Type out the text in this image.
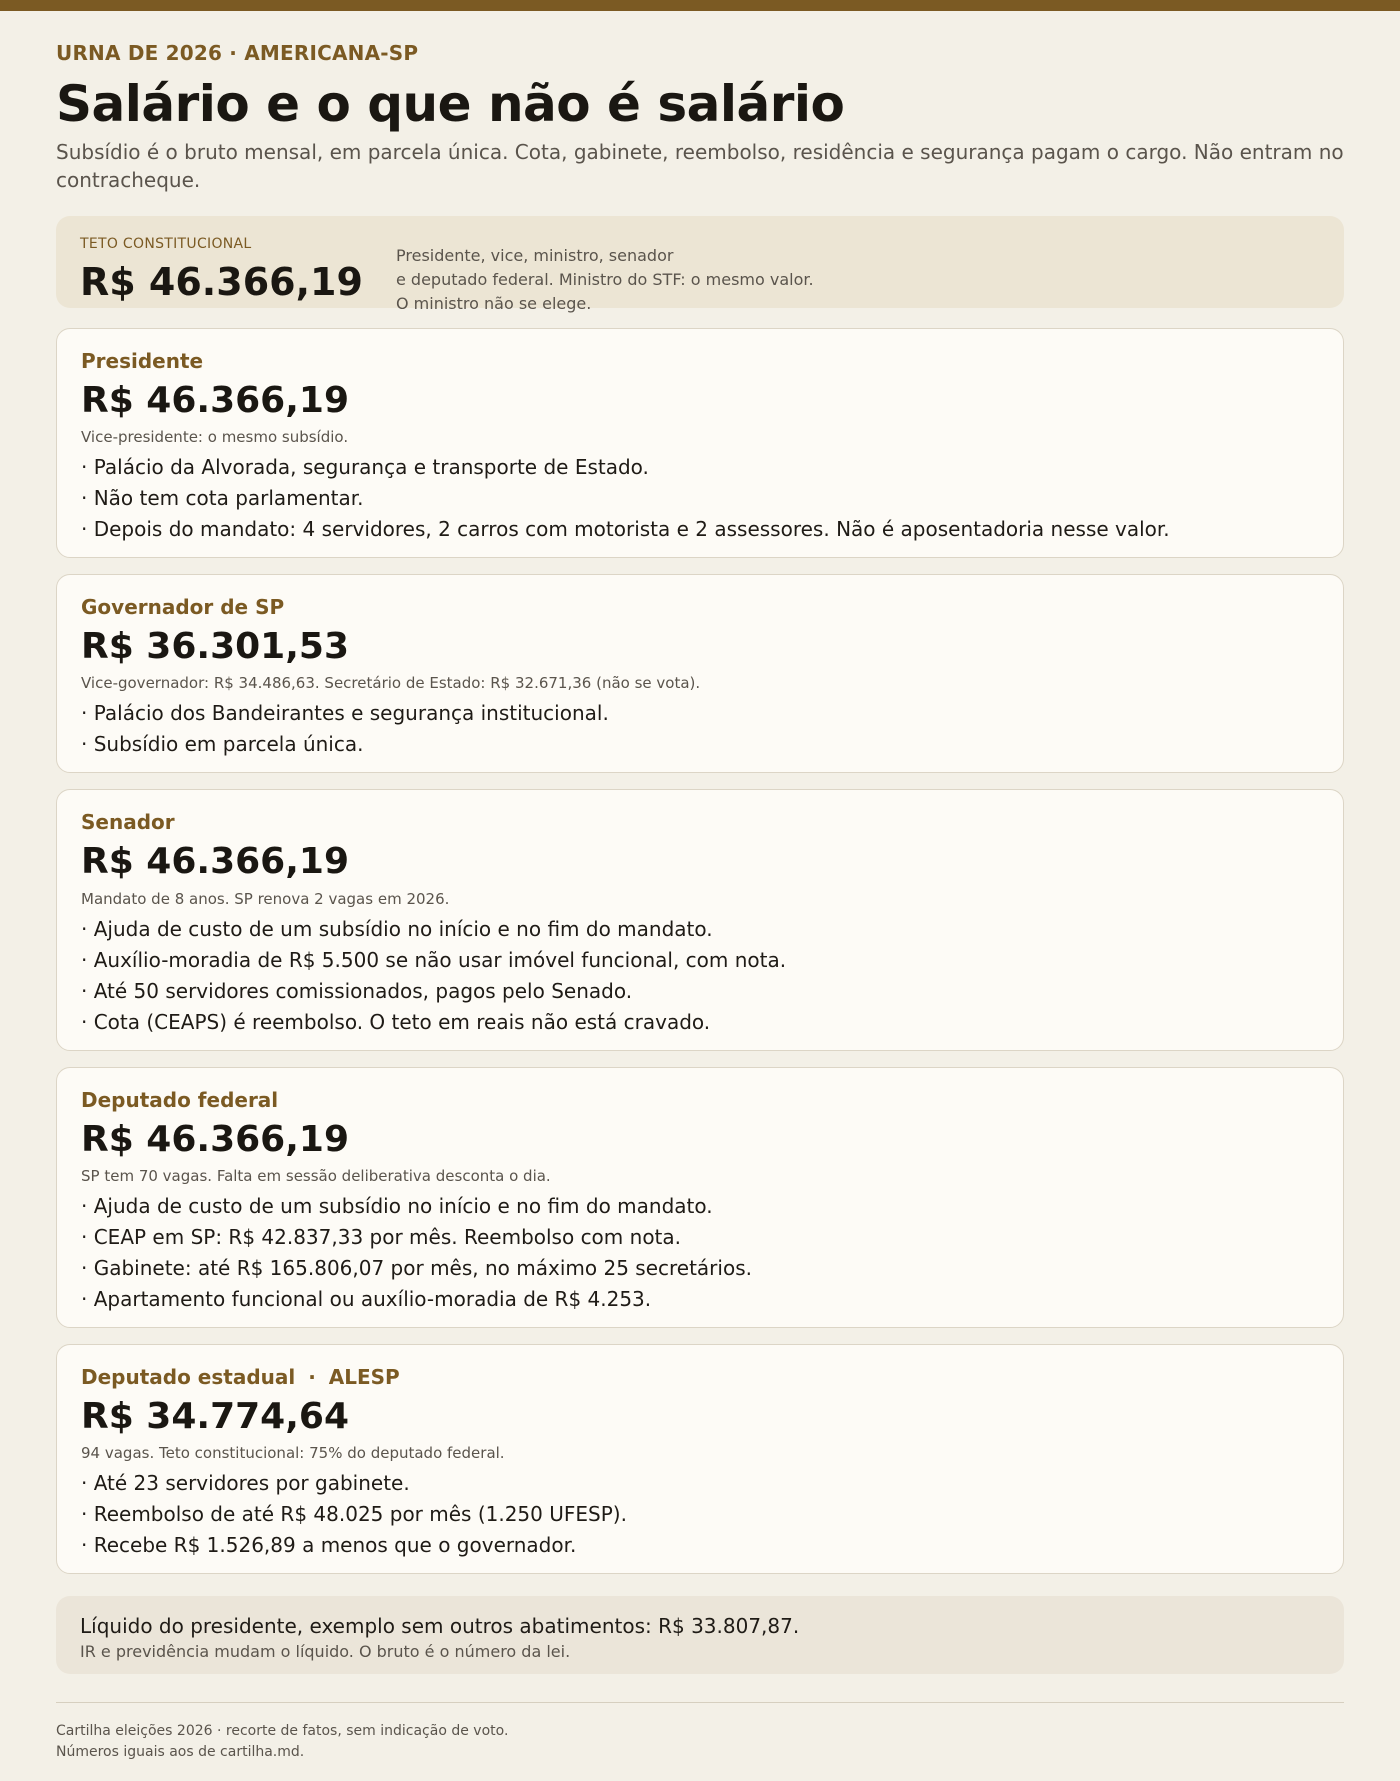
URNA DE 2026 · AMERICANA-SP
Salário e o que não é salário

Subsídio é o bruto mensal, em parcela única. Cota, gabinete, reembolso, residência e segurança pagam o cargo. Não entram no contracheque.

TETO CONSTITUCIONAL
R$ 46.366,19
Presidente, vice, ministro, senador
e deputado federal. Ministro do STF: o mesmo valor.
O ministro não se elege.
Presidente
R$ 46.366,19
Vice-presidente: o mesmo subsídio.
· Palácio da Alvorada, segurança e transporte de Estado.
· Não tem cota parlamentar.
· Depois do mandato: 4 servidores, 2 carros com motorista e 2 assessores. Não é aposentadoria nesse valor.
Governador de SP
R$ 36.301,53
Vice-governador: R$ 34.486,63. Secretário de Estado: R$ 32.671,36 (não se vota).
· Palácio dos Bandeirantes e segurança institucional.
· Subsídio em parcela única.
Senador
R$ 46.366,19
Mandato de 8 anos. SP renova 2 vagas em 2026.
· Ajuda de custo de um subsídio no início e no fim do mandato.
· Auxílio-moradia de R$ 5.500 se não usar imóvel funcional, com nota.
· Até 50 servidores comissionados, pagos pelo Senado.
· Cota (CEAPS) é reembolso. O teto em reais não está cravado.
Deputado federal
R$ 46.366,19
SP tem 70 vagas. Falta em sessão deliberativa desconta o dia.
· Ajuda de custo de um subsídio no início e no fim do mandato.
· CEAP em SP: R$ 42.837,33 por mês. Reembolso com nota.
· Gabinete: até R$ 165.806,07 por mês, no máximo 25 secretários.
· Apartamento funcional ou auxílio-moradia de R$ 4.253.
Deputado estadual · ALESP
R$ 34.774,64
94 vagas. Teto constitucional: 75% do deputado federal.
· Até 23 servidores por gabinete.
· Reembolso de até R$ 48.025 por mês (1.250 UFESP).
· Recebe R$ 1.526,89 a menos que o governador.
Líquido do presidente, exemplo sem outros abatimentos: R$ 33.807,87.
IR e previdência mudam o líquido. O bruto é o número da lei.
Cartilha eleições 2026 · recorte de fatos, sem indicação de voto.
Números iguais aos de cartilha.md.
